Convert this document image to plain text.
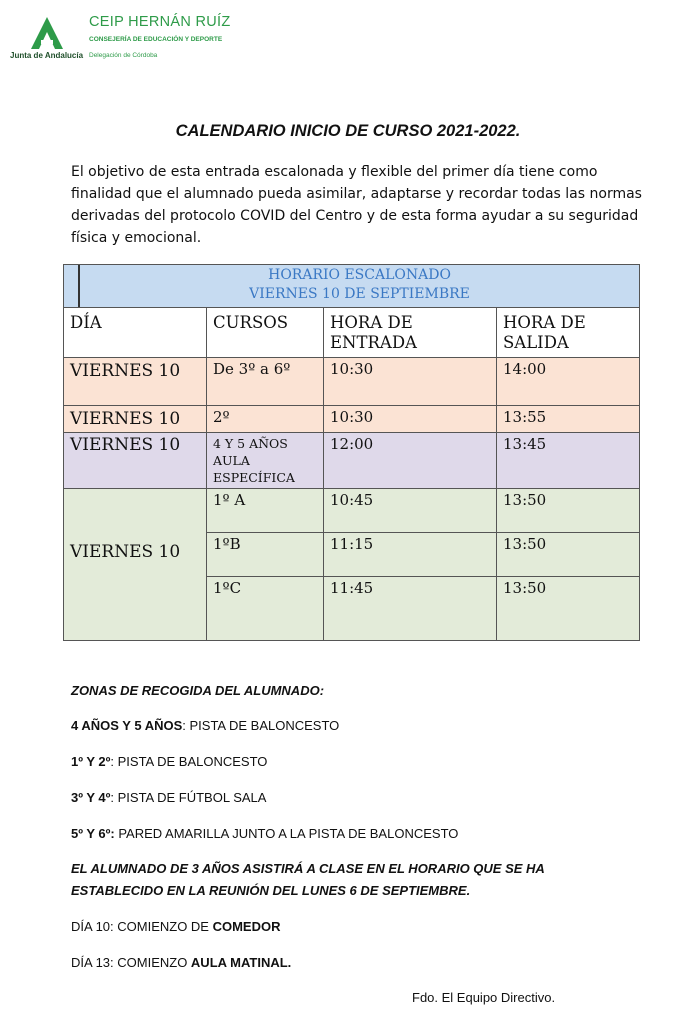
Junta de Andalucía
CEIP HERNÁN RUÍZ
CONSEJERÍA DE EDUCACIÓN Y DEPORTE
Delegación de Córdoba
CALENDARIO INICIO DE CURSO 2021-2022.

El objetivo de esta entrada escalonada y flexible del primer día tiene como finalidad que el alumnado pueda asimilar, adaptarse y recordar todas las normas derivadas del protocolo COVID del Centro y de esta forma ayudar a su seguridad física y emocional.

HORARIO ESCALONADO
VIERNES 10 DE SEPTIEMBRE			

DÍA	CURSOS	HORA DE ENTRADA	HORA DE SALIDA
VIERNES 10	De 3º a 6º	10:30	14:00
VIERNES 10	2º	10:30	13:55
VIERNES 10	4 Y 5 AÑOS AULA ESPECÍFICA	12:00	13:45
VIERNES 10	1º A	10:45	13:50
	1ºB	11:15	13:50
	1ºC	11:45	13:50
ZONAS DE RECOGIDA DEL ALUMNADO:
4 AÑOS Y 5 AÑOS: PISTA DE BALONCESTO
1º Y 2º: PISTA DE BALONCESTO
3º Y 4º: PISTA DE FÚTBOL SALA
5º Y 6º: PARED AMARILLA JUNTO A LA PISTA DE BALONCESTO
EL ALUMNADO DE 3 AÑOS ASISTIRÁ A CLASE EN EL HORARIO QUE SE HA
ESTABLECIDO EN LA REUNIÓN DEL LUNES 6 DE SEPTIEMBRE.
DÍA 10: COMIENZO DE COMEDOR
DÍA 13: COMIENZO AULA MATINAL.
Fdo. El Equipo Directivo.
